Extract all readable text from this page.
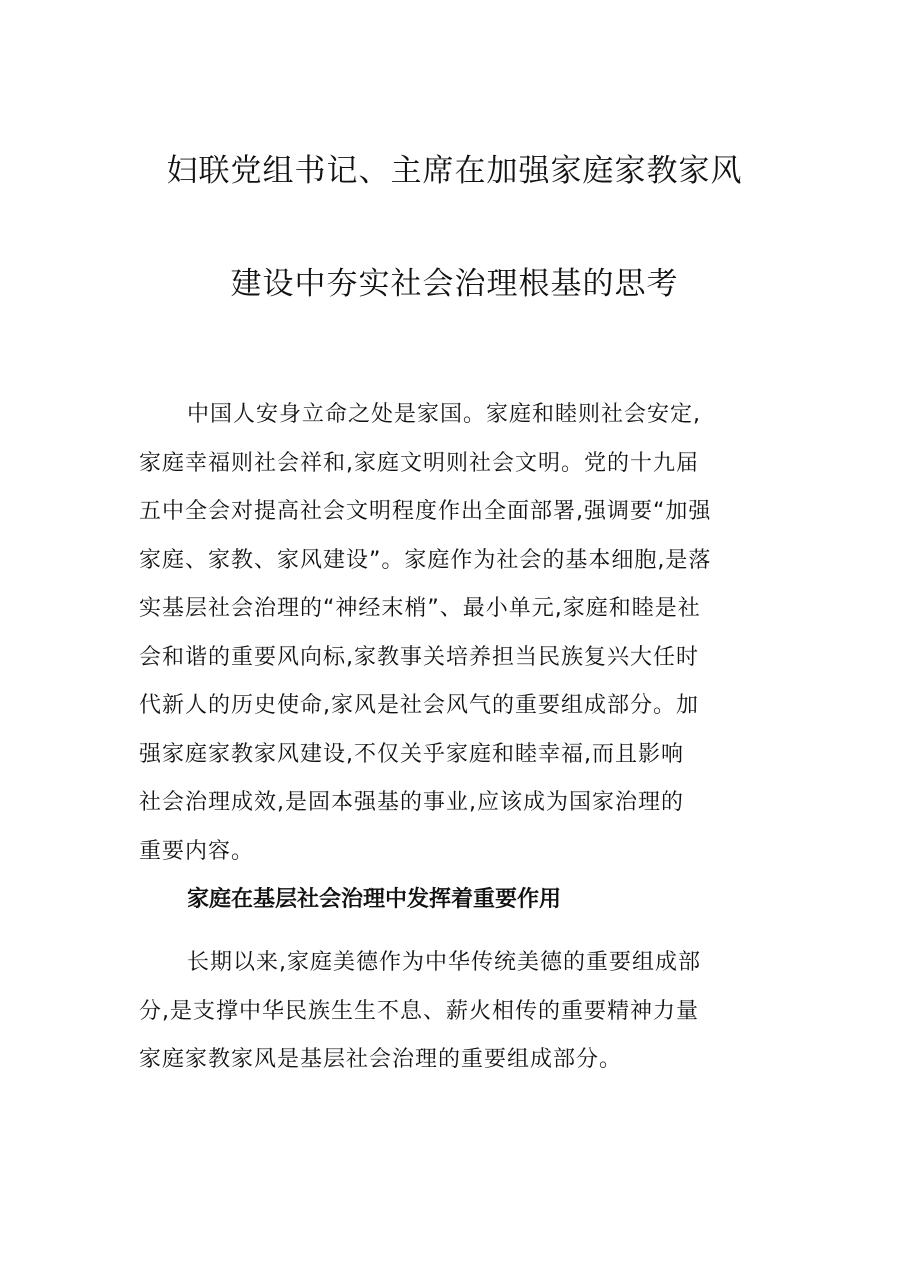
妇联党组书记、主席在加强家庭家教家风
建设中夯实社会治理根基的思考
中国人安身立命之处是家国。家庭和睦则社会安定,
家庭幸福则社会祥和,家庭文明则社会文明。党的十九届
五中全会对提高社会文明程度作出全面部署,强调要“加强
家庭、家教、家风建设”。家庭作为社会的基本细胞,是落
实基层社会治理的“神经末梢”、最小单元,家庭和睦是社
会和谐的重要风向标,家教事关培养担当民族复兴大任时
代新人的历史使命,家风是社会风气的重要组成部分。加
强家庭家教家风建设,不仅关乎家庭和睦幸福,而且影响
社会治理成效,是固本强基的事业,应该成为国家治理的
重要内容。
家庭在基层社会治理中发挥着重要作用
长期以来,家庭美德作为中华传统美德的重要组成部
分,是支撑中华民族生生不息、薪火相传的重要精神力量
家庭家教家风是基层社会治理的重要组成部分。
